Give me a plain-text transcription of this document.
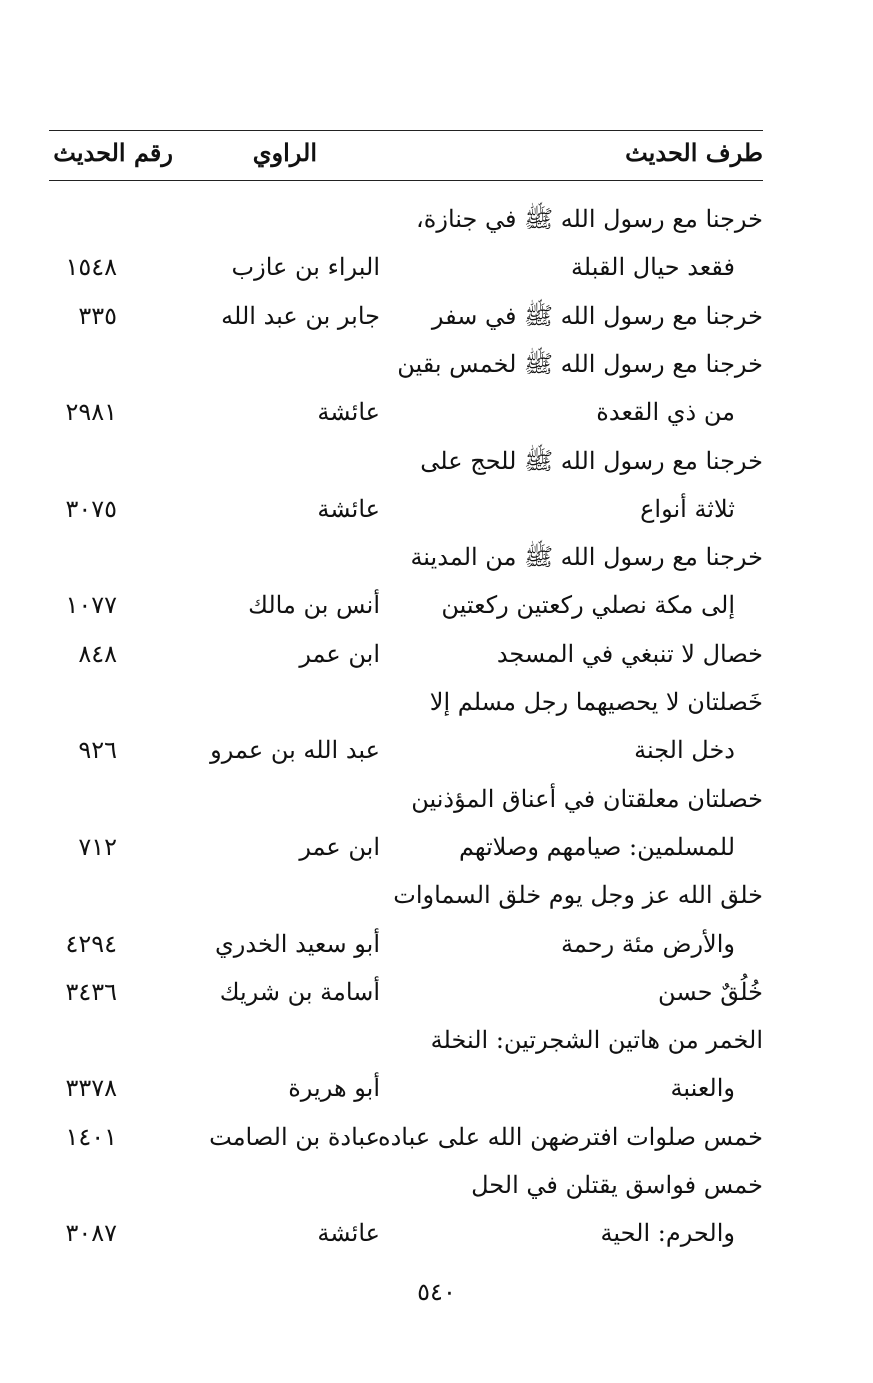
طرف الحديث
الراوي
رقم الحديث
خرجنا مع رسول الله ﷺ في جنازة،
فقعد حيال القبلة
البراء بن عازب
١٥٤٨
خرجنا مع رسول الله ﷺ في سفر
جابر بن عبد الله
٣٣٥
خرجنا مع رسول الله ﷺ لخمس بقين
من ذي القعدة
عائشة
٢٩٨١
خرجنا مع رسول الله ﷺ للحج على
ثلاثة أنواع
عائشة
٣٠٧٥
خرجنا مع رسول الله ﷺ من المدينة
إلى مكة نصلي ركعتين ركعتين
أنس بن مالك
١٠٧٧
خصال لا تنبغي في المسجد
ابن عمر
٨٤٨
خَصلتان لا يحصيهما رجل مسلم إلا
دخل الجنة
عبد الله بن عمرو
٩٢٦
خصلتان معلقتان في أعناق المؤذنين
للمسلمين: صيامهم وصلاتهم
ابن عمر
٧١٢
خلق الله عز وجل يوم خلق السماوات
والأرض مئة رحمة
أبو سعيد الخدري
٤٢٩٤
خُلُقٌ حسن
أسامة بن شريك
٣٤٣٦
الخمر من هاتين الشجرتين: النخلة
والعنبة
أبو هريرة
٣٣٧٨
خمس صلوات افترضهن الله على عباده
عبادة بن الصامت
١٤٠١
خمس فواسق يقتلن في الحل
والحرم: الحية
عائشة
٣٠٨٧
٥٤٠
